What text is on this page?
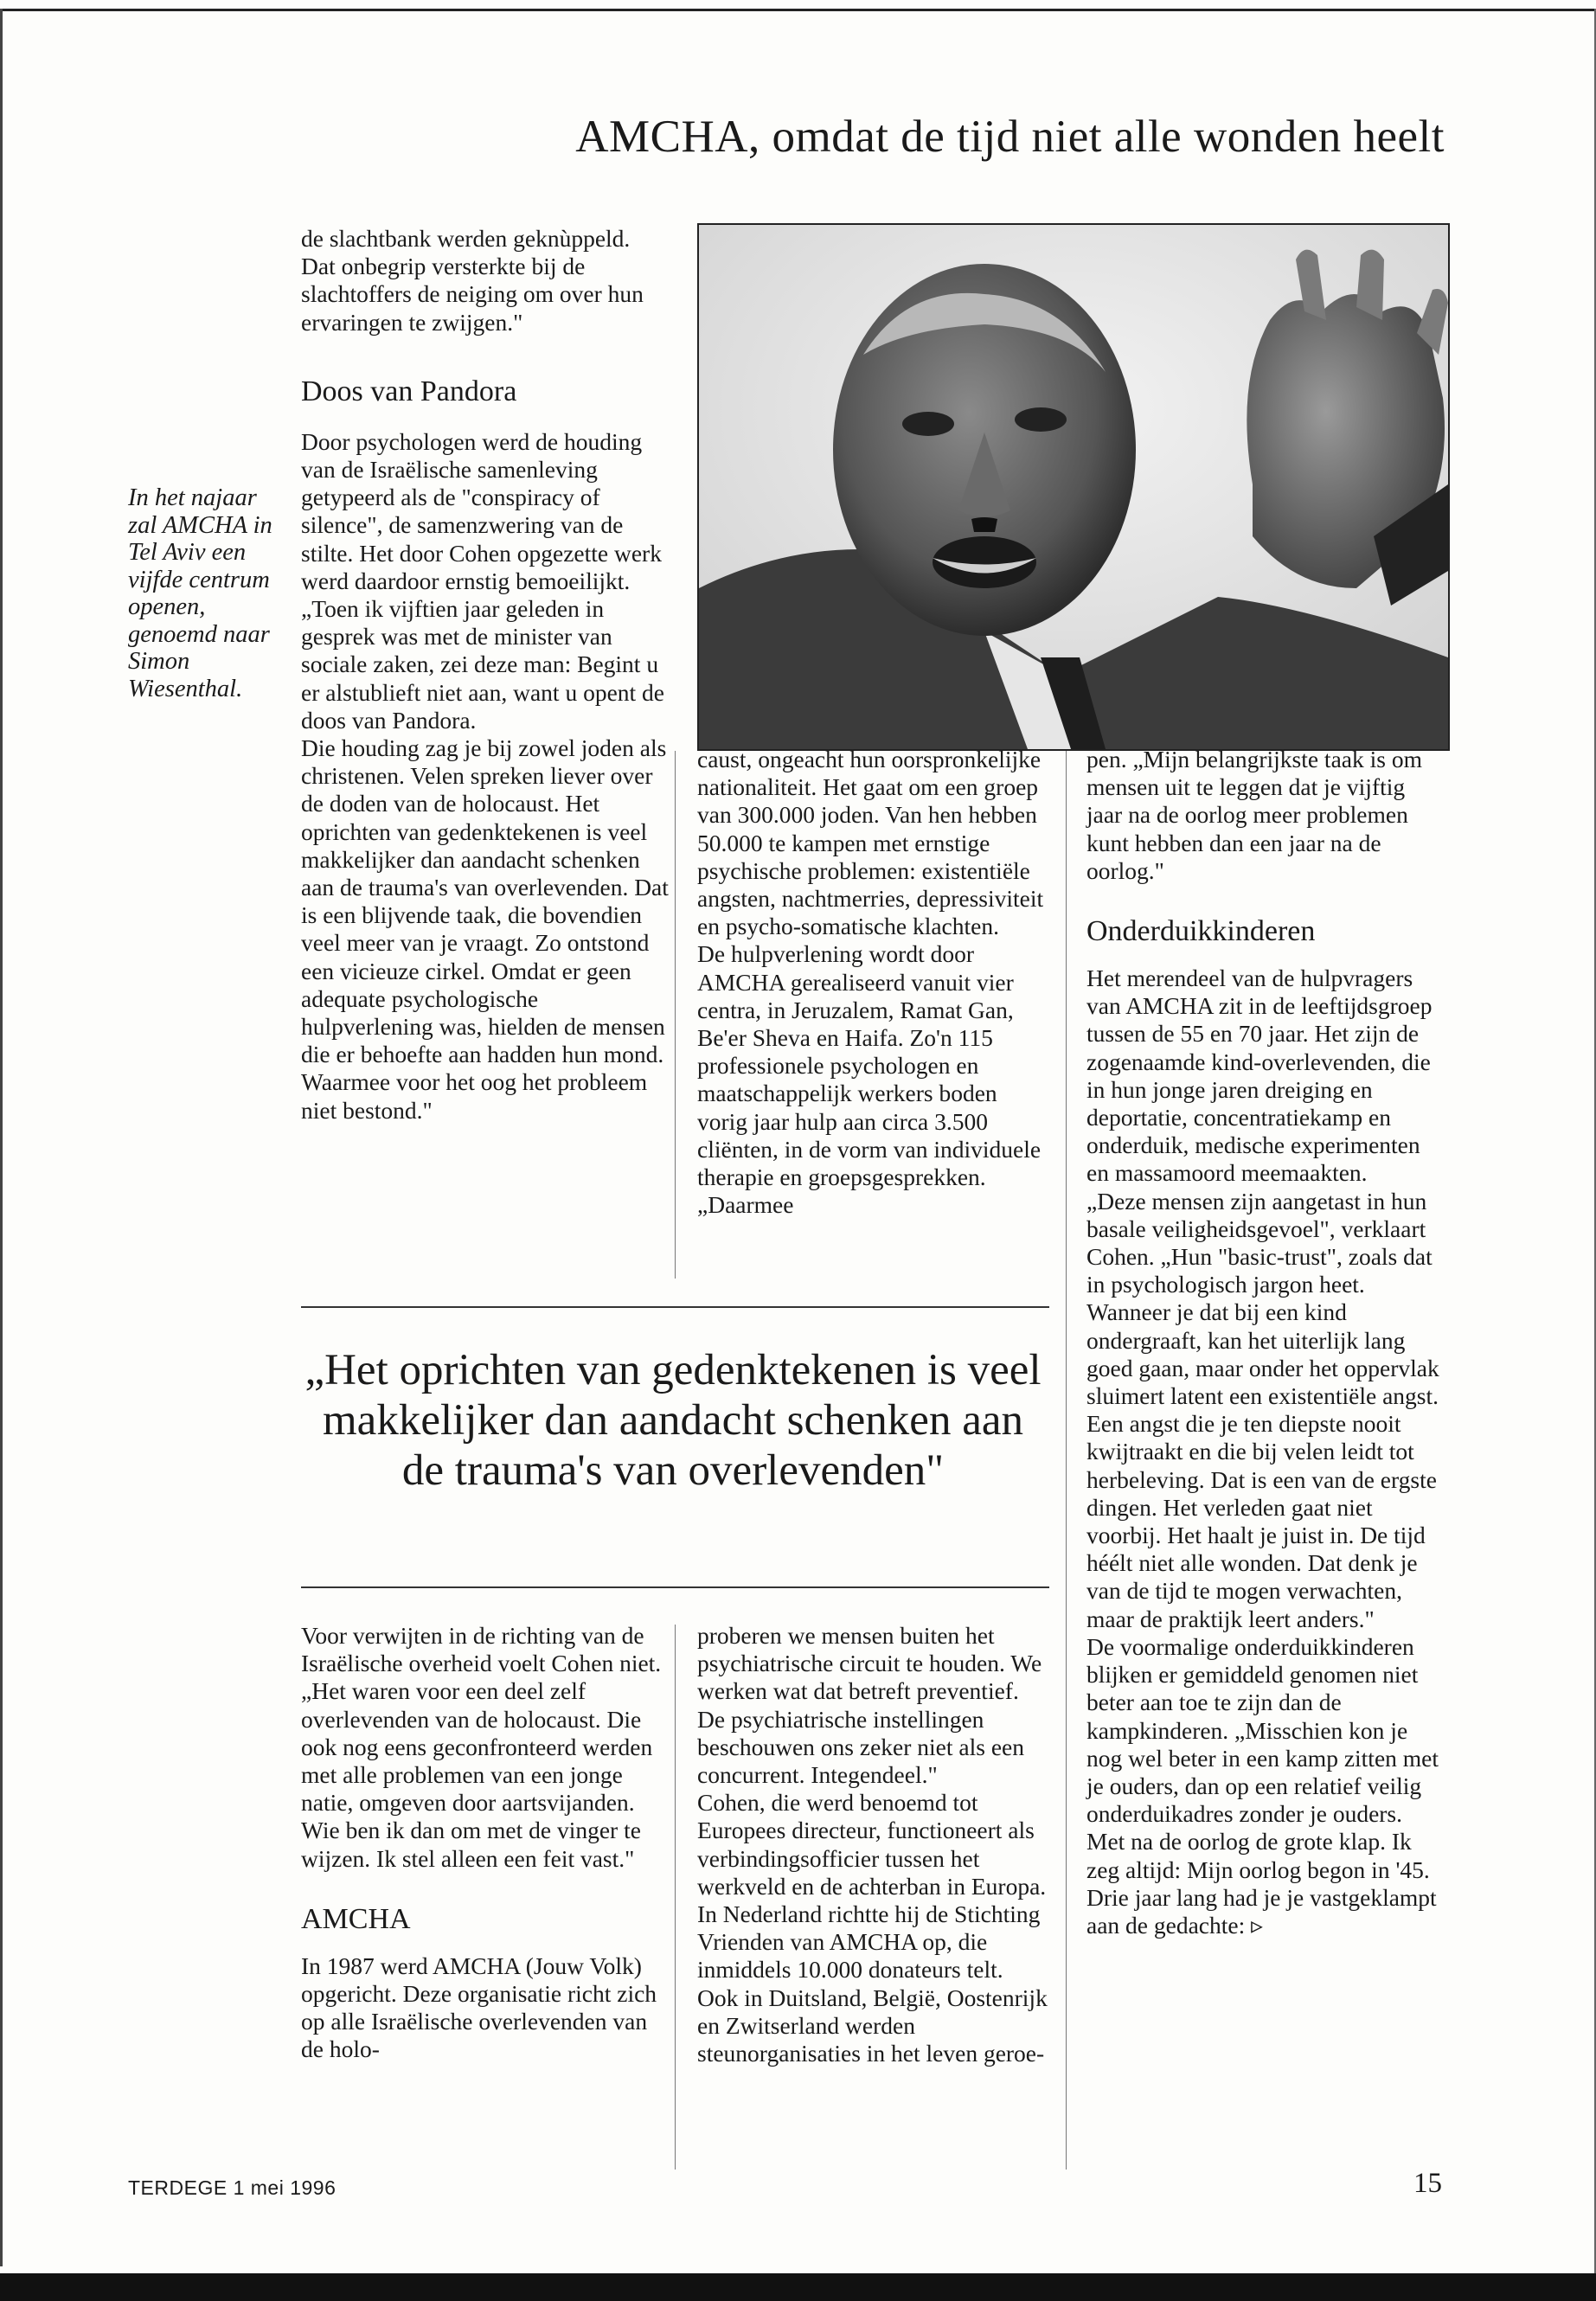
AMCHA, omdat de tijd niet alle wonden heelt

de slachtbank werden geknùppeld. Dat onbegrip versterkte bij de slachtoffers de neiging om over hun ervaringen te zwijgen."

Doos van Pandora

Door psychologen werd de houding van de Israëlische samenleving getypeerd als de "conspiracy of silence", de samenzwering van de stilte. Het door Cohen opgezette werk werd daardoor ernstig bemoeilijkt. „Toen ik vijftien jaar geleden in gesprek was met de minister van sociale zaken, zei deze man: Begint u er alstublieft niet aan, want u opent de doos van Pandora.

Die houding zag je bij zowel joden als christenen. Velen spreken liever over de doden van de holocaust. Het oprichten van gedenktekenen is veel makkelijker dan aandacht schenken aan de trauma's van overlevenden. Dat is een blijvende taak, die bovendien veel meer van je vraagt. Zo ontstond een vicieuze cirkel. Omdat er geen adequate psychologische hulpverlening was, hielden de mensen die er behoefte aan hadden hun mond. Waarmee voor het oog het probleem niet bestond."

In het najaar zal AMCHA in Tel Aviv een vijfde centrum openen, genoemd naar Simon Wiesenthal.

caust, ongeacht hun oorspronkelijke nationaliteit. Het gaat om een groep van 300.000 joden. Van hen hebben 50.000 te kampen met ernstige psychische problemen: existentiële angsten, nachtmerries, depressiviteit en psycho-somatische klachten.

De hulpverlening wordt door AMCHA gerealiseerd vanuit vier centra, in Jeruzalem, Ramat Gan, Be'er Sheva en Haifa. Zo'n 115 professionele psychologen en maatschappelijk werkers boden vorig jaar hulp aan circa 3.500 cliënten, in de vorm van individuele therapie en groepsgesprekken. „Daarmee

pen. „Mijn belangrijkste taak is om mensen uit te leggen dat je vijftig jaar na de oorlog meer problemen kunt hebben dan een jaar na de oorlog."

Onderduikkinderen

Het merendeel van de hulpvragers van AMCHA zit in de leeftijdsgroep tussen de 55 en 70 jaar. Het zijn de zogenaamde kind-overlevenden, die in hun jonge jaren dreiging en deportatie, concentratiekamp en onderduik, medische experimenten en massamoord meemaakten.

„Deze mensen zijn aangetast in hun basale veiligheidsgevoel", verklaart Cohen. „Hun "basic-trust", zoals dat in psychologisch jargon heet. Wanneer je dat bij een kind ondergraaft, kan het uiterlijk lang goed gaan, maar onder het oppervlak sluimert latent een existentiële angst. Een angst die je ten diepste nooit kwijtraakt en die bij velen leidt tot herbeleving. Dat is een van de ergste dingen. Het verleden gaat niet voorbij. Het haalt je juist in. De tijd héélt niet alle wonden. Dat denk je van de tijd te mogen verwachten, maar de praktijk leert anders."

De voormalige onderduikkinderen blijken er gemiddeld genomen niet beter aan toe te zijn dan de kampkinderen. „Misschien kon je nog wel beter in een kamp zitten met je ouders, dan op een relatief veilig onderduikadres zonder je ouders.

Met na de oorlog de grote klap. Ik zeg altijd: Mijn oorlog begon in '45. Drie jaar lang had je je vastgeklampt aan de gedachte: ▹

„Het oprichten van gedenktekenen is veel makkelijker dan aandacht schenken aan de trauma's van overlevenden"

Voor verwijten in de richting van de Israëlische overheid voelt Cohen niet. „Het waren voor een deel zelf overlevenden van de holocaust. Die ook nog eens geconfronteerd werden met alle problemen van een jonge natie, omgeven door aartsvijanden. Wie ben ik dan om met de vinger te wijzen. Ik stel alleen een feit vast."

AMCHA

In 1987 werd AMCHA (Jouw Volk) opgericht. Deze organisatie richt zich op alle Israëlische overlevenden van de holo-

proberen we mensen buiten het psychiatrische circuit te houden. We werken wat dat betreft preventief. De psychiatrische instellingen beschouwen ons zeker niet als een concurrent. Integendeel."

Cohen, die werd benoemd tot Europees directeur, functioneert als verbindingsofficier tussen het werkveld en de achterban in Europa. In Nederland richtte hij de Stichting Vrienden van AMCHA op, die inmiddels 10.000 donateurs telt. Ook in Duitsland, België, Oostenrijk en Zwitserland werden steunorganisaties in het leven geroe-

TERDEGE 1 mei 1996	15
